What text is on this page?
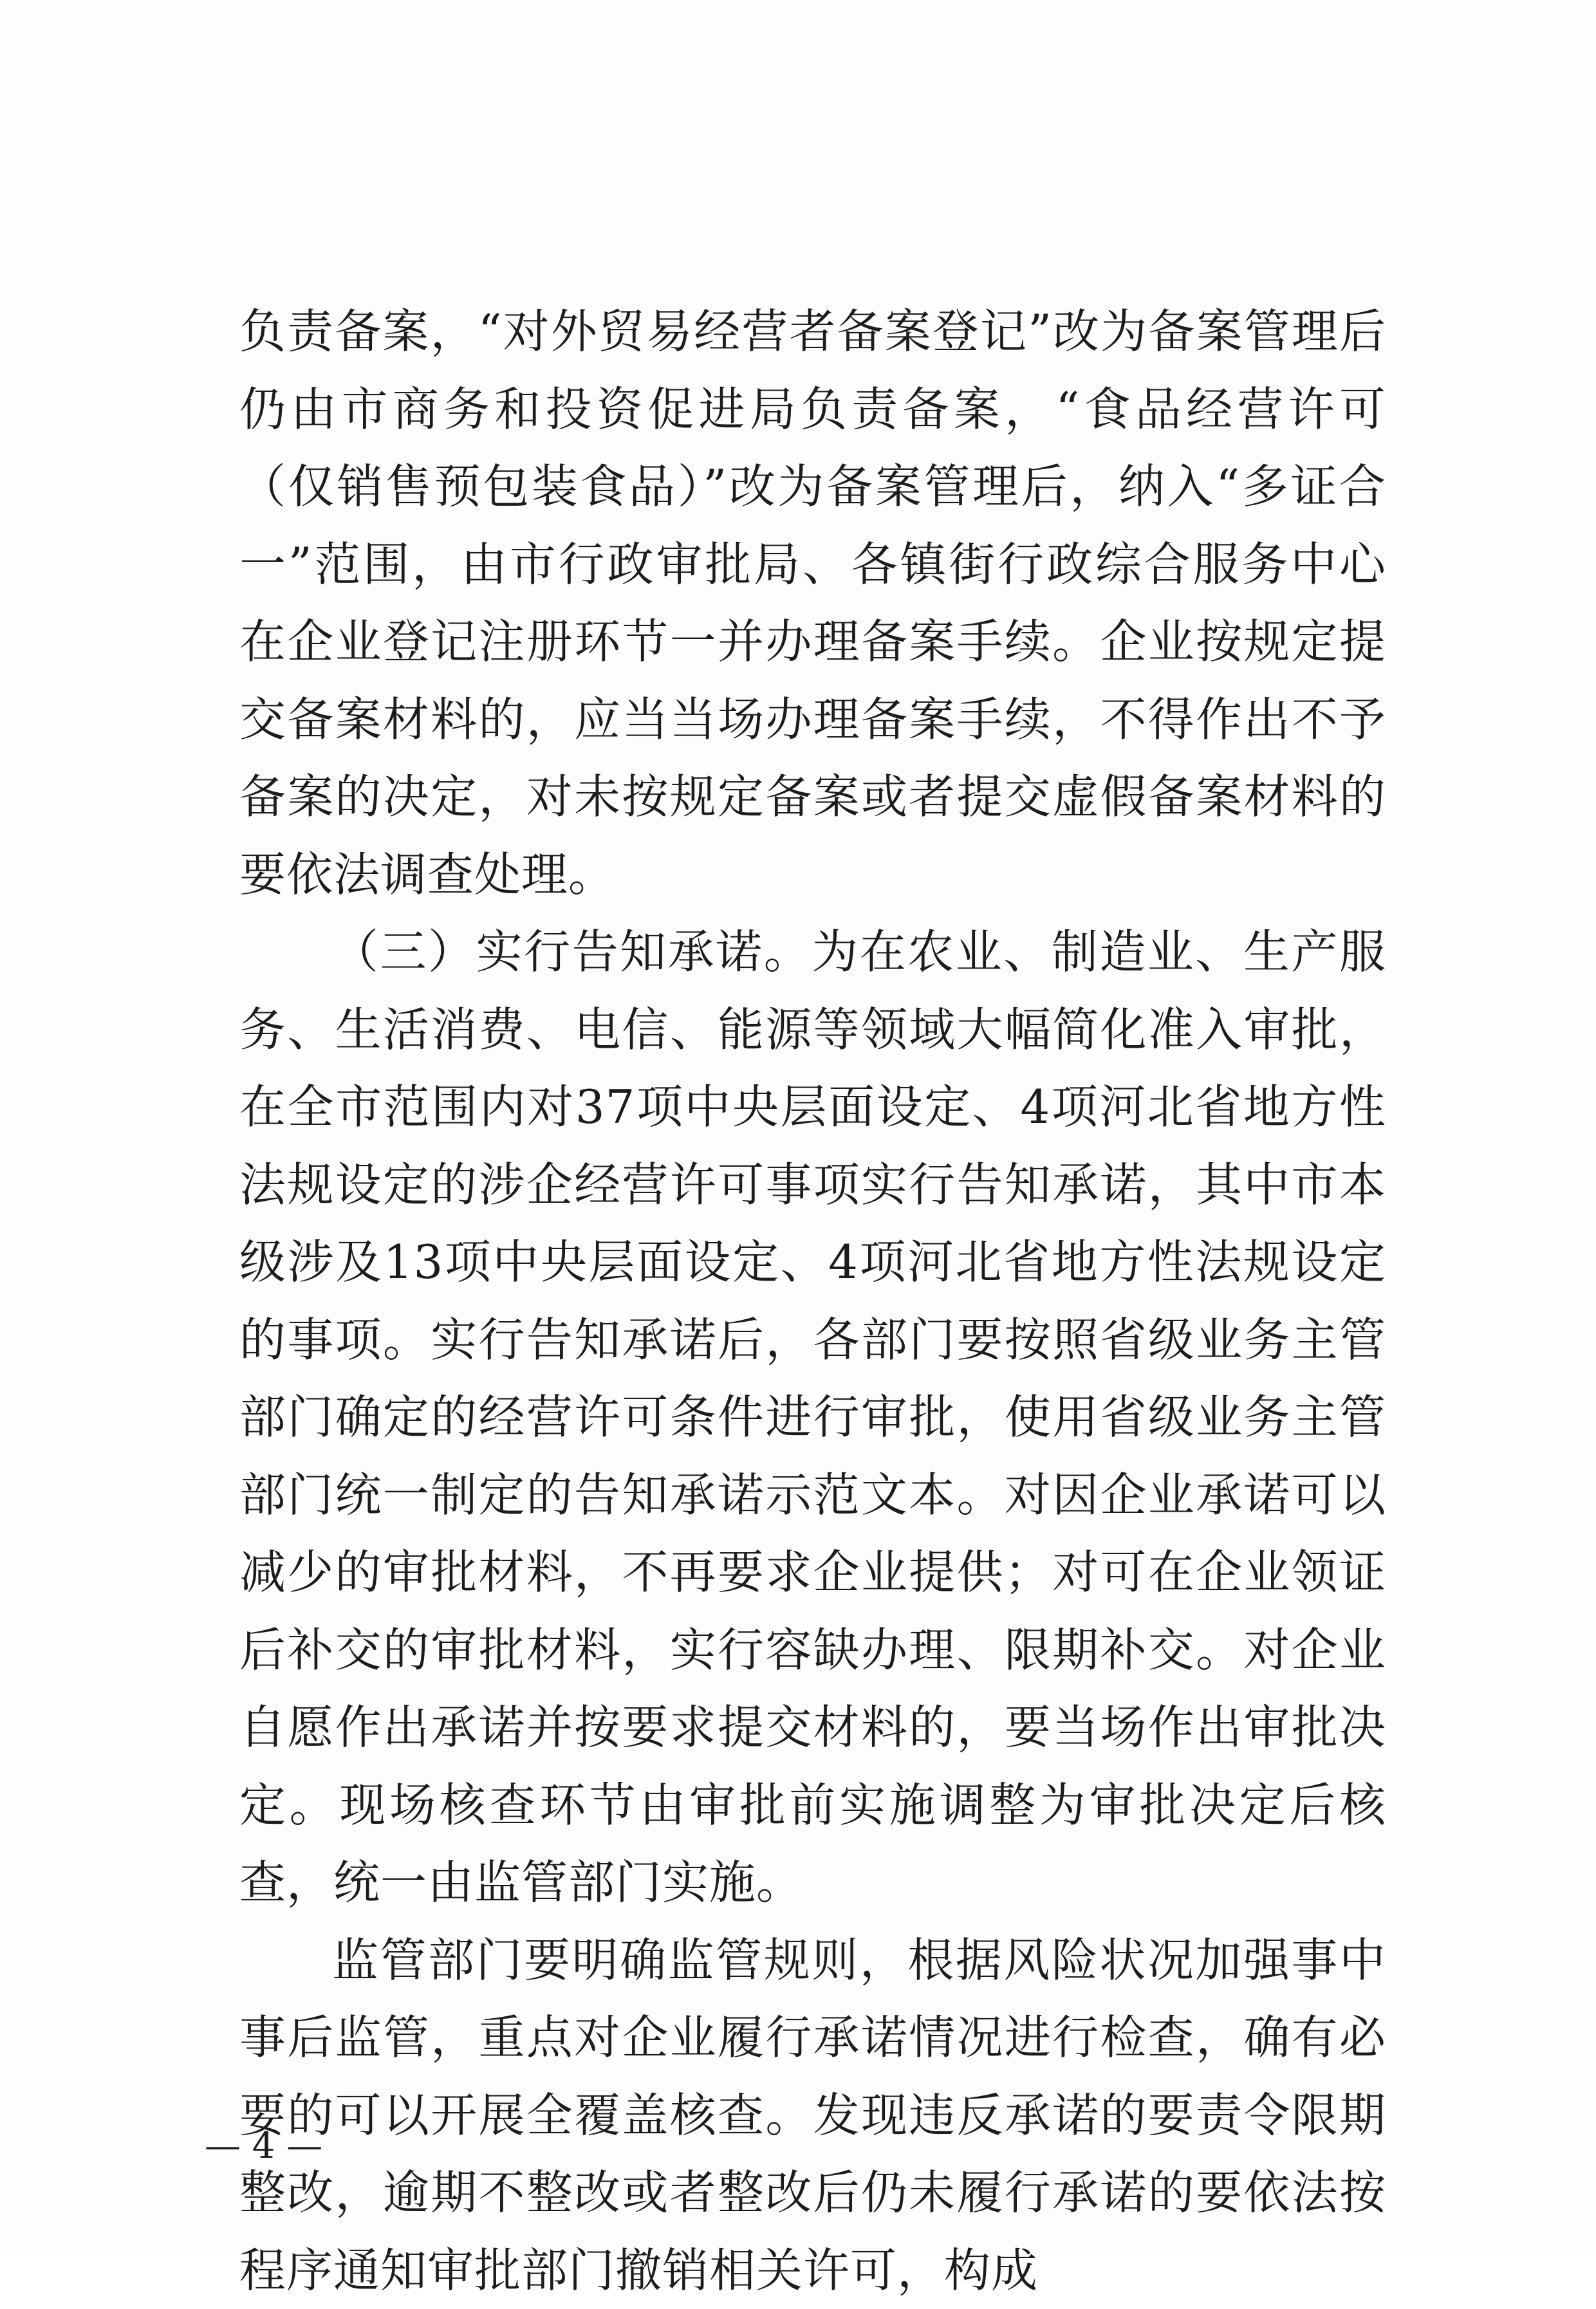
负责备案，“对外贸易经营者备案登记”改为备案管理后仍由市商务和投资促进局负责备案，“食品经营许可（仅销售预包装食品）”改为备案管理后，纳入“多证合一”范围，由市行政审批局、各镇街行政综合服务中心在企业登记注册环节一并办理备案手续。企业按规定提交备案材料的，应当当场办理备案手续，不得作出不予备案的决定，对未按规定备案或者提交虚假备案材料的要依法调查处理。

（三）实行告知承诺。为在农业、制造业、生产服务、生活消费、电信、能源等领域大幅简化准入审批，在全市范围内对37项中央层面设定、4项河北省地方性法规设定的涉企经营许可事项实行告知承诺，其中市本级涉及13项中央层面设定、4项河北省地方性法规设定的事项。实行告知承诺后，各部门要按照省级业务主管部门确定的经营许可条件进行审批，使用省级业务主管部门统一制定的告知承诺示范文本。对因企业承诺可以减少的审批材料，不再要求企业提供；对可在企业领证后补交的审批材料，实行容缺办理、限期补交。对企业自愿作出承诺并按要求提交材料的，要当场作出审批决定。现场核查环节由审批前实施调整为审批决定后核查，统一由监管部门实施。

监管部门要明确监管规则，根据风险状况加强事中事后监管，重点对企业履行承诺情况进行检查，确有必要的可以开展全覆盖核查。发现违反承诺的要责令限期整改，逾期不整改或者整改后仍未履行承诺的要依法按程序通知审批部门撤销相关许可，构成

— 4 —
